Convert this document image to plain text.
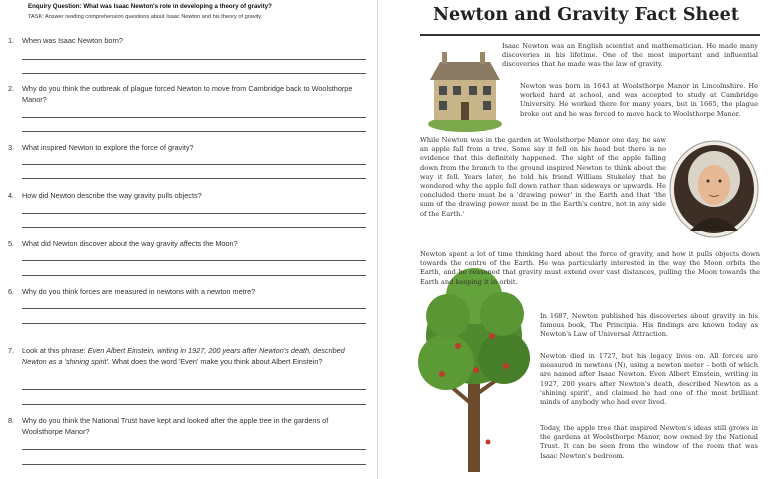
Enquiry Question: What was Isaac Newton's role in developing a theory of gravity?
TASK: Answer reading comprehension questions about Isaac Newton and his theory of gravity.
1. When was Isaac Newton born?
2. Why do you think the outbreak of plague forced Newton to move from Cambridge back to Woolsthorpe Manor?
3. What inspired Newton to explore the force of gravity?
4. How did Newton describe the way gravity pulls objects?
5. What did Newton discover about the way gravity affects the Moon?
6. Why do you think forces are measured in newtons with a newton metre?
7. Look at this phrase: Even Albert Einstein, writing in 1927, 200 years after Newton's death, described Newton as a 'shining spirit'. What does the word 'Even' make you think about Albert Einstein?
8. Why do you think the National Trust have kept and looked after the apple tree in the gardens of Woolsthorpe Manor?
Newton and Gravity Fact Sheet
Isaac Newton was an English scientist and mathematician. He made many discoveries in his lifetime. One of the most important and influential discoveries that he made was the law of gravity.
Newton was born in 1643 at Woolsthorpe Manor in Lincolnshire. He worked hard at school, and was accepted to study at Cambridge University. He worked there for many years, but in 1665, the plague broke out and he was forced to move back to Woolsthorpe Manor.
While Newton was in the garden at Woolsthorpe Manor one day, he saw an apple fall from a tree. Some say it fell on his head but there is no evidence that this definitely happened. The sight of the apple falling down from the branch to the ground inspired Newton to think about the way it fell. Years later, he told his friend William Stukeley that he wondered why the apple fell down rather than sideways or upwards. He concluded there must be a 'drawing power' in the Earth and that 'the sum of the drawing power must be in the Earth's centre, not in any side of the Earth.'
Newton spent a lot of time thinking hard about the force of gravity, and how it pulls objects down towards the centre of the Earth. He was particularly interested in the way the Moon orbits the Earth, and he reasoned that gravity must extend over vast distances, pulling the Moon towards the Earth and keeping it in orbit.
In 1687, Newton published his discoveries about gravity in his famous book, The Principia. His findings are known today as Newton's Law of Universal Attraction.
Newton died in 1727, but his legacy lives on. All forces are measured in newtons (N), using a newton meter – both of which are named after Isaac Newton. Even Albert Einstein, writing in 1927, 200 years after Newton's death, described Newton as a 'shining spirit', and claimed he had one of the most brilliant minds of anybody who had ever lived.
Today, the apple tree that inspired Newton's ideas still grows in the gardens at Woolsthorpe Manor, now owned by the National Trust. It can be seen from the window of the room that was Isaac Newton's bedroom.
